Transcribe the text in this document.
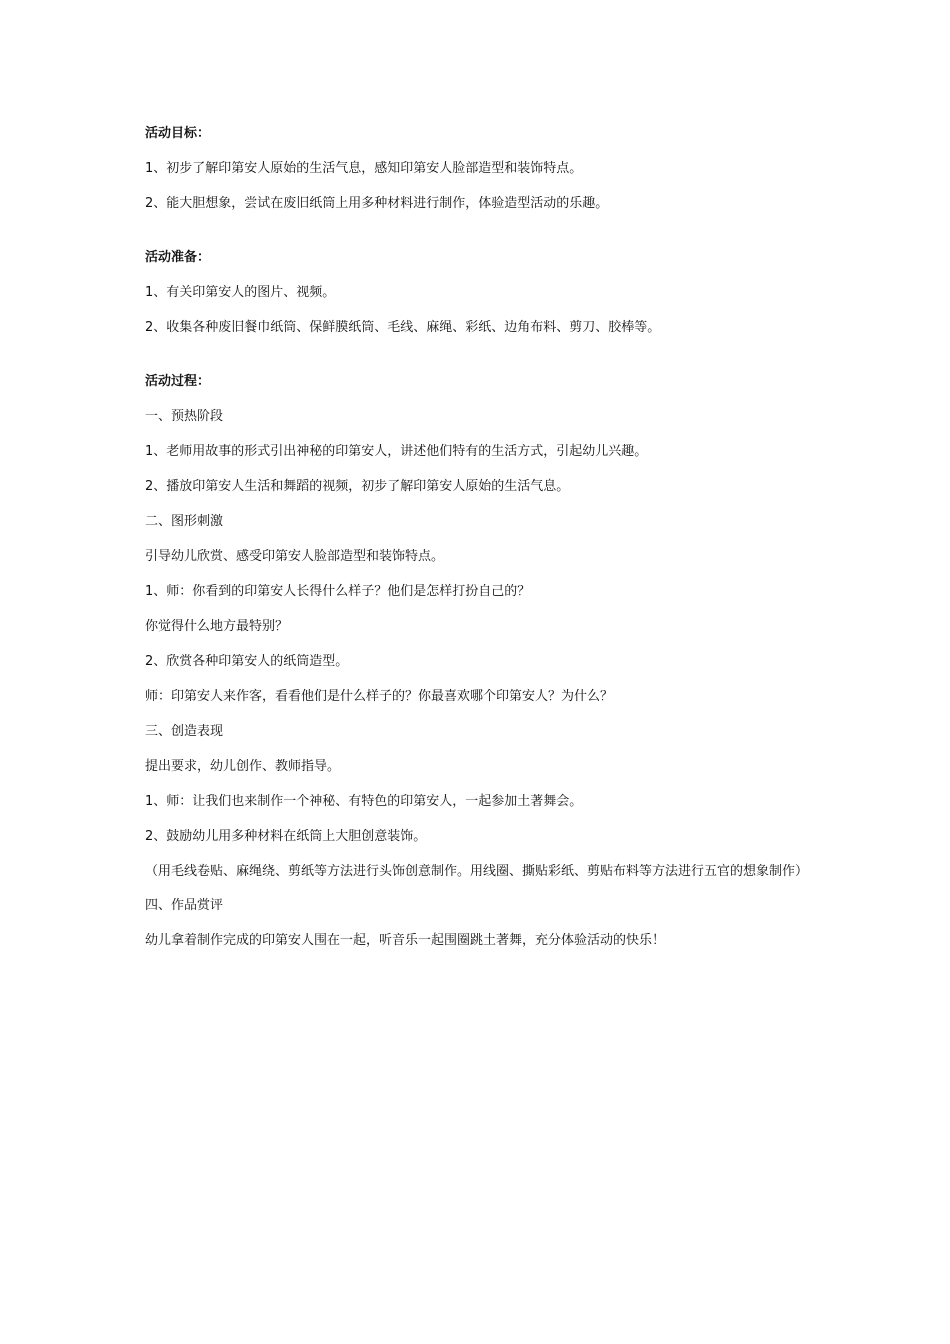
活动目标：
1、初步了解印第安人原始的生活气息，感知印第安人脸部造型和装饰特点。
2、能大胆想象，尝试在废旧纸筒上用多种材料进行制作，体验造型活动的乐趣。
活动准备：
1、有关印第安人的图片、视频。
2、收集各种废旧餐巾纸筒、保鲜膜纸筒、毛线、麻绳、彩纸、边角布料、剪刀、胶棒等。
活动过程：
一、预热阶段
1、老师用故事的形式引出神秘的印第安人，讲述他们特有的生活方式，引起幼儿兴趣。
2、播放印第安人生活和舞蹈的视频，初步了解印第安人原始的生活气息。
二、图形刺激
引导幼儿欣赏、感受印第安人脸部造型和装饰特点。
1、师：你看到的印第安人长得什么样子？他们是怎样打扮自己的？
你觉得什么地方最特别？
2、欣赏各种印第安人的纸筒造型。
师：印第安人来作客，看看他们是什么样子的？你最喜欢哪个印第安人？为什么？
三、创造表现
提出要求，幼儿创作、教师指导。
1、师：让我们也来制作一个神秘、有特色的印第安人，一起参加土著舞会。
2、鼓励幼儿用多种材料在纸筒上大胆创意装饰。
（用毛线卷贴、麻绳绕、剪纸等方法进行头饰创意制作。用线圈、撕贴彩纸、剪贴布料等方法进行五官的想象制作）
四、作品赏评
幼儿拿着制作完成的印第安人围在一起，听音乐一起围圈跳土著舞，充分体验活动的快乐！
